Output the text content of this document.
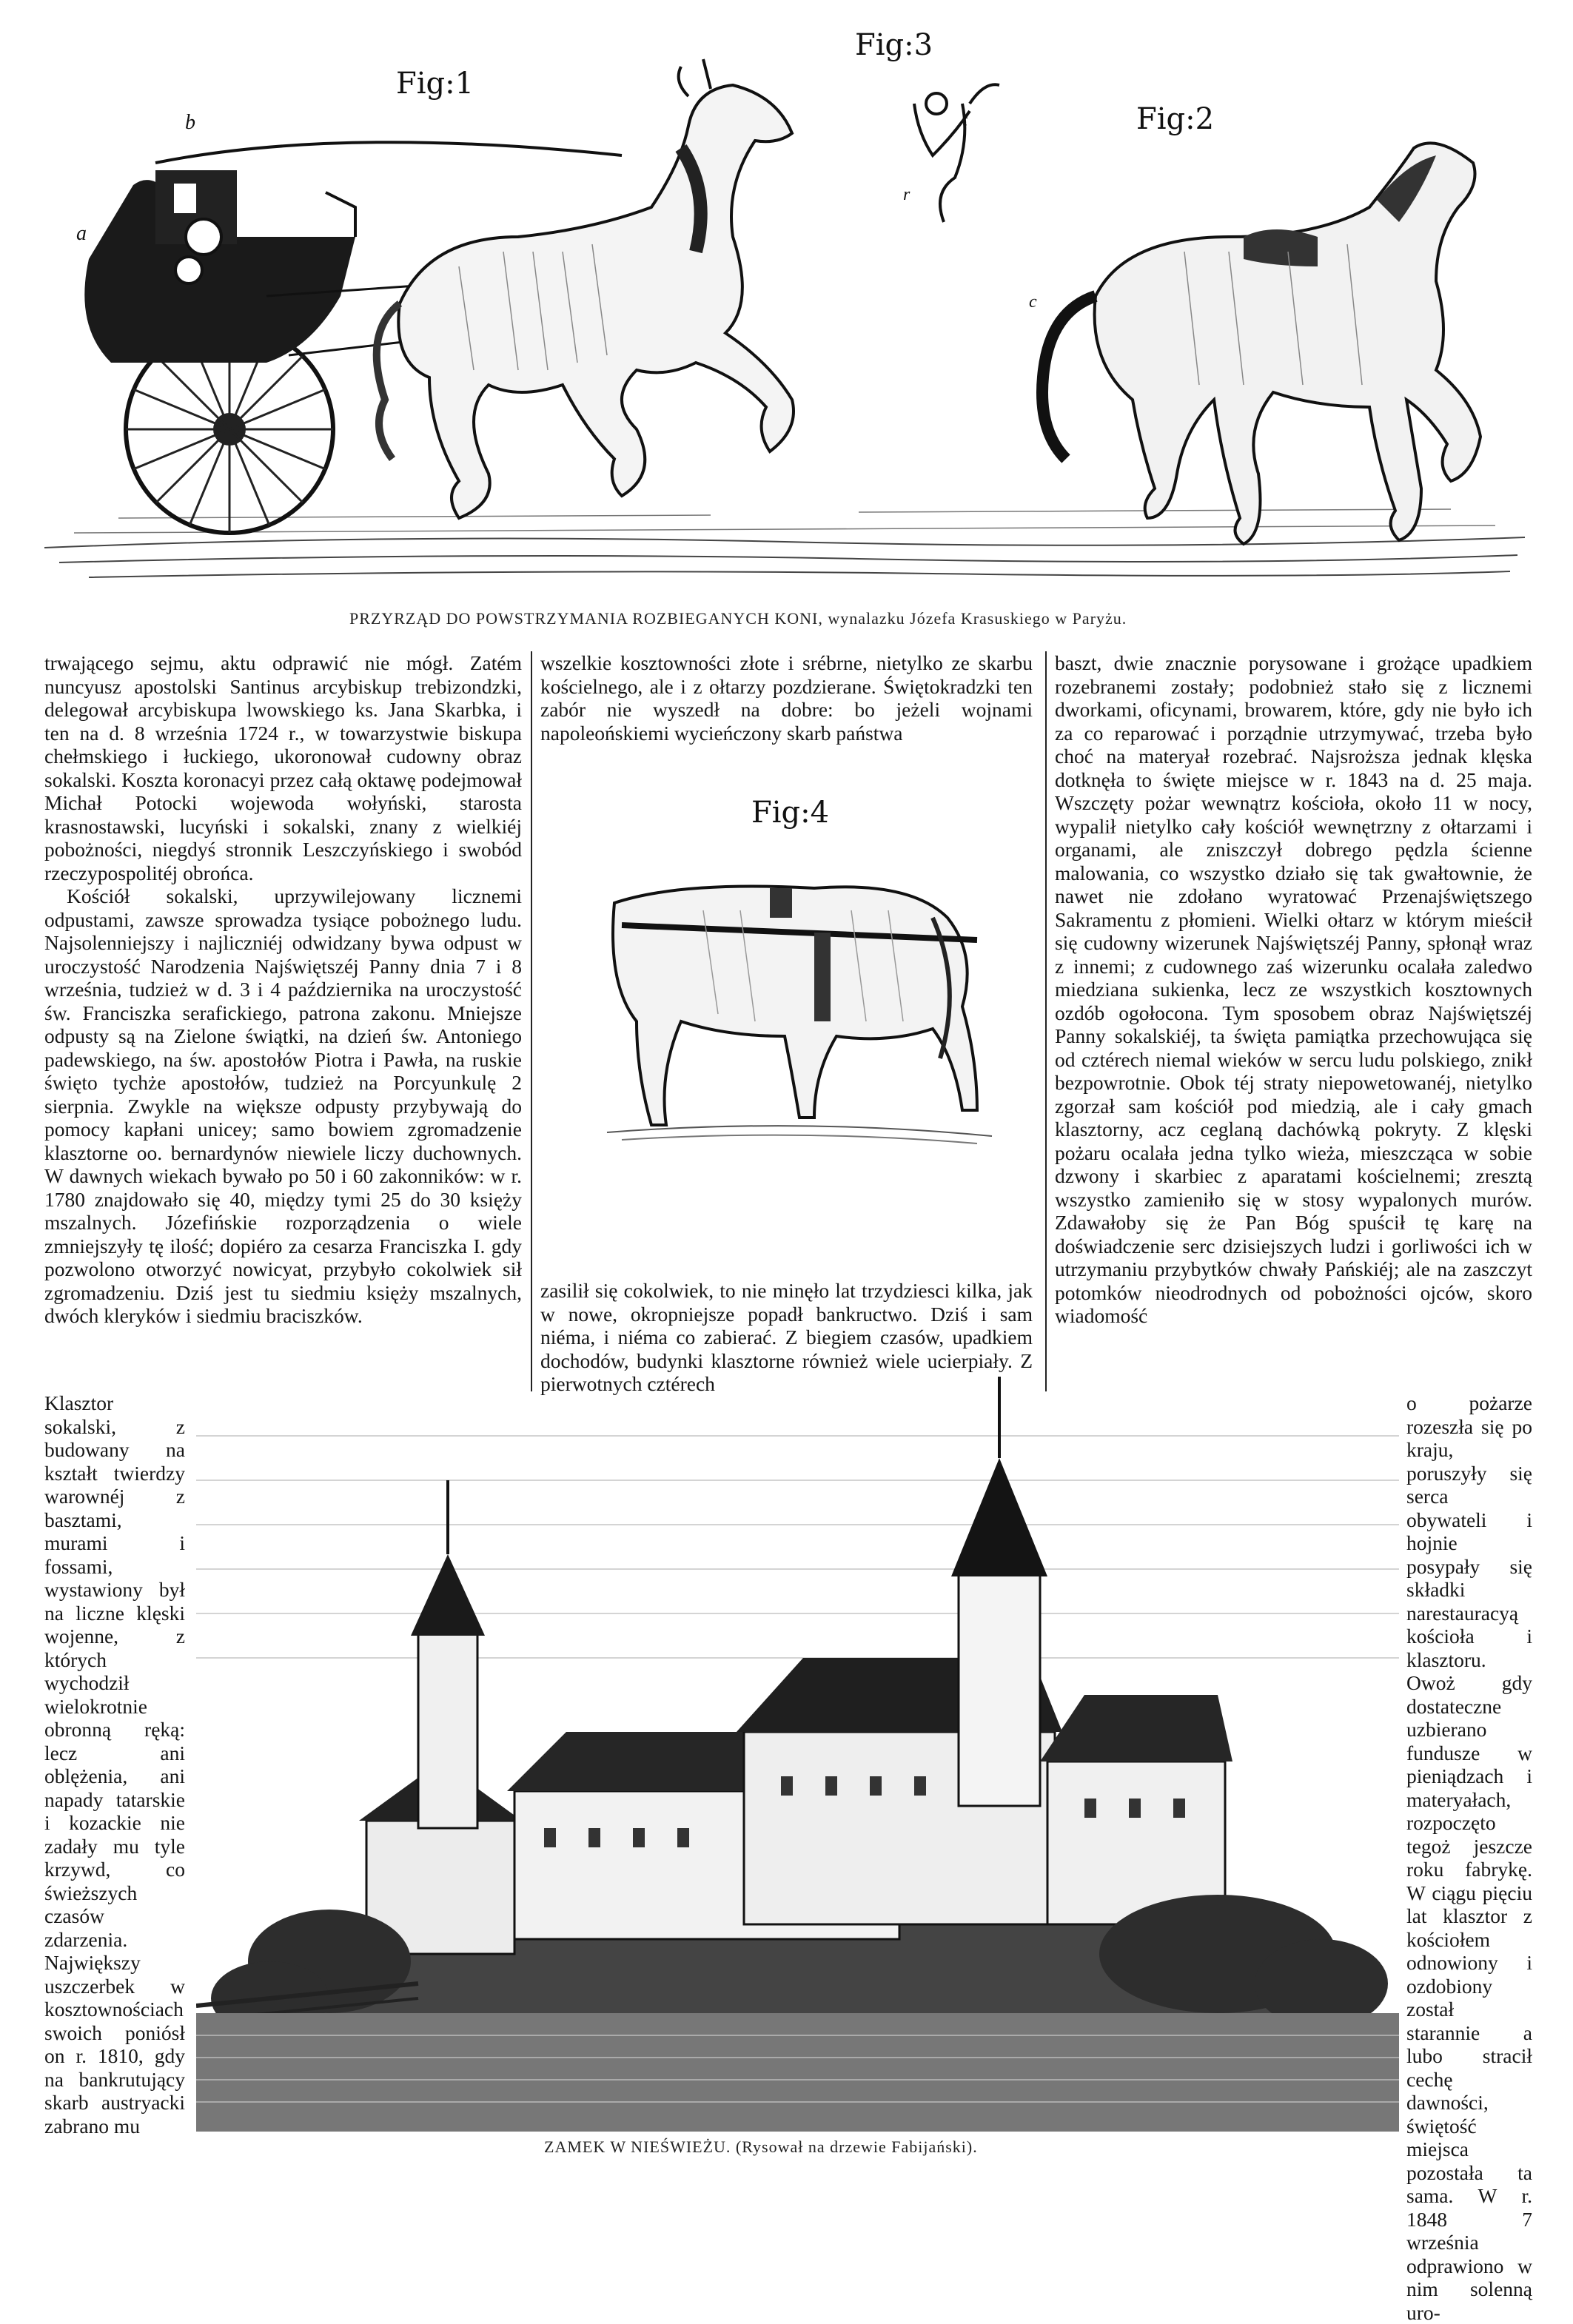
Fig:1
Fig:3
Fig:2
b
a
c
r
t
PRZYRZĄD DO POWSTRZYMANIA ROZBIEGANYCH KONI, wynalazku Józefa Krasuskiego w Paryżu.

trwającego sejmu, aktu odprawić nie mógł. Zatém nuncyusz apostolski Santinus arcybiskup trebizondzki, delegował arcybiskupa lwowskiego ks. Jana Skarbka, i ten na d. 8 września 1724 r., w towarzystwie biskupa chełmskiego i łuckiego, ukoronował cudowny obraz sokalski. Koszta koronacyi przez całą oktawę podejmował Michał Potocki wojewoda wołyński, starosta krasnostawski, lucyński i sokalski, znany z wielkiéj pobożności, niegdyś stronnik Leszczyńskiego i swobód rzeczypospolitéj obrońca.

Kościół sokalski, uprzywilejowany licznemi odpustami, zawsze sprowadza tysiące pobożnego ludu. Najsolenniejszy i najliczniéj odwidzany bywa odpust w uroczystość Narodzenia Najświętszéj Panny dnia 7 i 8 września, tudzież w d. 3 i 4 października na uroczystość św. Franciszka serafickiego, patrona zakonu. Mniejsze odpusty są na Zielone świątki, na dzień św. Antoniego padewskiego, na św. apostołów Piotra i Pawła, na ruskie święto tychże apostołów, tudzież na Porcyunkulę 2 sierpnia. Zwykle na większe odpusty przybywają do pomocy kapłani unicey; samo bowiem zgromadzenie klasztorne oo. bernardynów niewiele liczy duchownych. W dawnych wiekach bywało po 50 i 60 zakonników: w r. 1780 znajdowało się 40, między tymi 25 do 30 księży mszalnych. Józefińskie rozporządzenia o wiele zmniejszyły tę ilość; dopiéro za cesarza Franciszka I. gdy pozwolono otworzyć nowicyat, przybyło cokolwiek sił zgromadzeniu. Dziś jest tu siedmiu księży mszalnych, dwóch kleryków i siedmiu braciszków.

Klasztor sokalski, z budowany na kształt twierdzy warownéj z basztami, murami i fossami, wystawiony był na liczne klęski wojenne, z których wychodził wielokrotnie obronną ręką: lecz ani oblężenia, ani napady tatarskie i kozackie nie zadały mu tyle krzywd, co świeższych czasów zdarzenia. Największy uszczerbek w kosztownościach swoich poniósł on r. 1810, gdy na bankrutujący skarb austryacki zabrano mu
wszelkie kosztowności złote i srébrne, nietylko ze skarbu kościelnego, ale i z ołtarzy pozdzierane. Świętokradzki ten zabór nie wyszedł na dobre: bo jeżeli wojnami napoleońskiemi wycieńczony skarb państwa
Fig:4
zasilił się cokolwiek, to nie minęło lat trzydziesci kilka, jak w nowe, okropniejsze popadł bankructwo. Dziś i sam niéma, i niéma co zabierać. Z biegiem czasów, upadkiem dochodów, budynki klasztorne również wiele ucierpiały. Z pierwotnych cztérech
baszt, dwie znacznie porysowane i grożące upadkiem rozebranemi zostały; podobnież stało się z licznemi dworkami, oficynami, browarem, które, gdy nie było ich za co reparować i porządnie utrzymywać, trzeba było choć na materyał rozebrać. Najsroższa jednak klęska dotknęła to święte miejsce w r. 1843 na d. 25 maja. Wszczęty pożar wewnątrz kościoła, około 11 w nocy, wypalił nietylko cały kościół wewnętrzny z ołtarzami i organami, ale zniszczył dobrego pędzla ścienne malowania, co wszystko działo się tak gwałtownie, że nawet nie zdołano wyratować Przenajświętszego Sakramentu z płomieni. Wielki ołtarz w którym mieścił się cudowny wizerunek Najświętszéj Panny, spłonął wraz z innemi; z cudownego zaś wizerunku ocalała zaledwo miedziana sukienka, lecz ze wszystkich kosztownych ozdób ogołocona. Tym sposobem obraz Najświętszéj Panny sokalskiéj, ta święta pamiątka przechowująca się od cztérech niemal wieków w sercu ludu polskiego, znikł bezpowrotnie. Obok téj straty niepowetowanéj, nietylko zgorzał sam kościół pod miedzią, ale i cały gmach klasztorny, acz ceglaną dachówką pokryty. Z klęski pożaru ocalała jedna tylko wieża, mieszcząca w sobie dzwony i skarbiec z aparatami kościelnemi; zresztą wszystko zamieniło się w stosy wypalonych murów. Zdawałoby się że Pan Bóg spuścił tę karę na doświadczenie serc dzisiejszych ludzi i gorliwości ich w utrzymaniu przybytków chwały Pańskiéj; ale na zaszczyt potomków nieodrodnych od pobożności ojców, skoro wiadomość
o pożarze rozeszła się po kraju, poruszyły się serca obywateli i hojnie posypały się składki narestauracyą kościoła i klasztoru. Owoż gdy dostateczne uzbierano fundusze w pieniądzach i materyałach, rozpoczęto tegoż jeszcze roku fabrykę. W ciągu pięciu lat klasztor z kościołem odnowiony i ozdobiony został starannie a lubo stracił cechę dawności, świętość miejsca pozostała ta sama. W r. 1848 7 września odprawiono w nim solenną uro-
ZAMEK W NIEŚWIEŻU. (Rysował na drzewie Fabijański).
